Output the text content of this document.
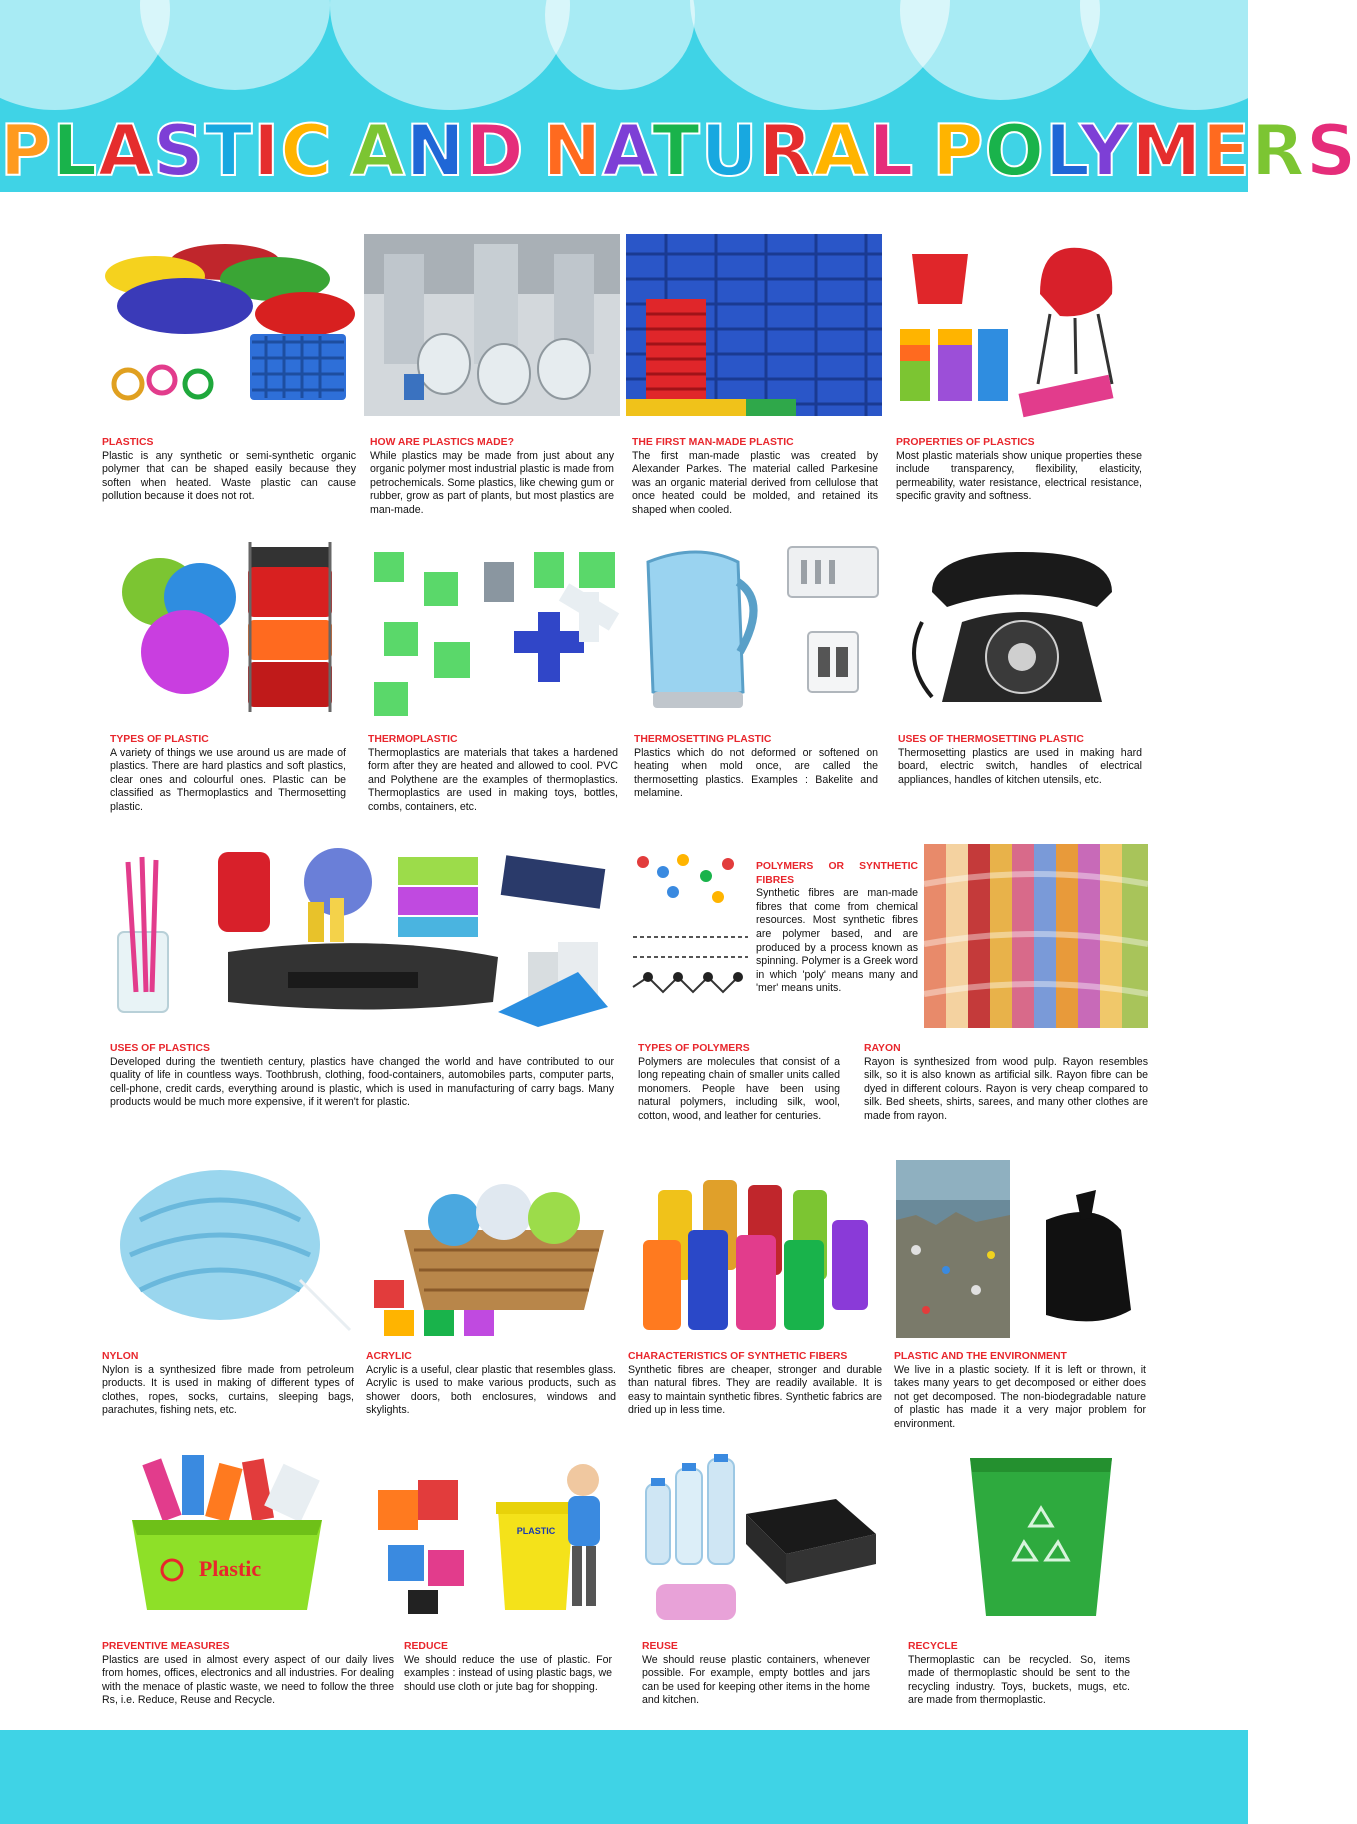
PLASTIC AND NATURAL POLYMERS
PLASTICS
Plastic is any synthetic or semi-synthetic organic polymer that can be shaped easily because they soften when heated. Waste plastic can cause pollution because it does not rot.
HOW ARE PLASTICS MADE?
While plastics may be made from just about any organic polymer most industrial plastic is made from petrochemicals. Some plastics, like chewing gum or rubber, grow as part of plants, but most plastics are man-made.
THE FIRST MAN-MADE PLASTIC
The first man-made plastic was created by Alexander Parkes. The material called Parkesine was an organic material derived from cellulose that once heated could be molded, and retained its shaped when cooled.
PROPERTIES OF PLASTICS
Most plastic materials show unique properties these include transparency, flexibility, elasticity, permeability, water resistance, electrical resistance, specific gravity and softness.
TYPES OF PLASTIC
A variety of things we use around us are made of plastics. There are hard plastics and soft plastics, clear ones and colourful ones. Plastic can be classified as Thermoplastics and Thermosetting plastic.
THERMOPLASTIC
Thermoplastics are materials that takes a hardened form after they are heated and allowed to cool. PVC and Polythene are the examples of thermoplastics. Thermoplastics are used in making toys, bottles, combs, containers, etc.
THERMOSETTING PLASTIC
Plastics which do not deformed or softened on heating when mold once, are called the thermosetting plastics. Examples : Bakelite and melamine.
USES OF THERMOSETTING PLASTIC
Thermosetting plastics are used in making hard board, electric switch, handles of electrical appliances, handles of kitchen utensils, etc.
POLYMERS OR SYNTHETIC FIBRES
Synthetic fibres are man-made fibres that come from chemical resources. Most synthetic fibres are polymer based, and are produced by a process known as spinning. Polymer is a Greek word in which 'poly' means many and 'mer' means units.
USES OF PLASTICS
Developed during the twentieth century, plastics have changed the world and have contributed to our quality of life in countless ways. Toothbrush, clothing, food-containers, automobiles parts, computer parts, cell-phone, credit cards, everything around is plastic, which is used in manufacturing of carry bags. Many products would be much more expensive, if it weren't for plastic.
TYPES OF POLYMERS
Polymers are molecules that consist of a long repeating chain of smaller units called monomers. People have been using natural polymers, including silk, wool, cotton, wood, and leather for centuries.
RAYON
Rayon is synthesized from wood pulp. Rayon resembles silk, so it is also known as artificial silk. Rayon fibre can be dyed in different colours. Rayon is very cheap compared to silk. Bed sheets, shirts, sarees, and many other clothes are made from rayon.
NYLON
Nylon is a synthesized fibre made from petroleum products. It is used in making of different types of clothes, ropes, socks, curtains, sleeping bags, parachutes, fishing nets, etc.
ACRYLIC
Acrylic is a useful, clear plastic that resembles glass. Acrylic is used to make various products, such as shower doors, both enclosures, windows and skylights.
CHARACTERISTICS OF SYNTHETIC FIBERS
Synthetic fibres are cheaper, stronger and durable than natural fibres. They are readily available. It is easy to maintain synthetic fibres. Synthetic fabrics are dried up in less time.
PLASTIC AND THE ENVIRONMENT
We live in a plastic society. If it is left or thrown, it takes many years to get decomposed or either does not get decomposed. The non-biodegradable nature of plastic has made it a very major problem for environment.
Plastic
PLASTIC
PREVENTIVE MEASURES
Plastics are used in almost every aspect of our daily lives from homes, offices, electronics and all industries. For dealing with the menace of plastic waste, we need to follow the three Rs, i.e. Reduce, Reuse and Recycle.
REDUCE
We should reduce the use of plastic. For examples : instead of using plastic bags, we should use cloth or jute bag for shopping.
REUSE
We should reuse plastic containers, whenever possible. For example, empty bottles and jars can be used for keeping other items in the home and kitchen.
RECYCLE
Thermoplastic can be recycled. So, items made of thermoplastic should be sent to the recycling industry. Toys, buckets, mugs, etc. are made from thermoplastic.
